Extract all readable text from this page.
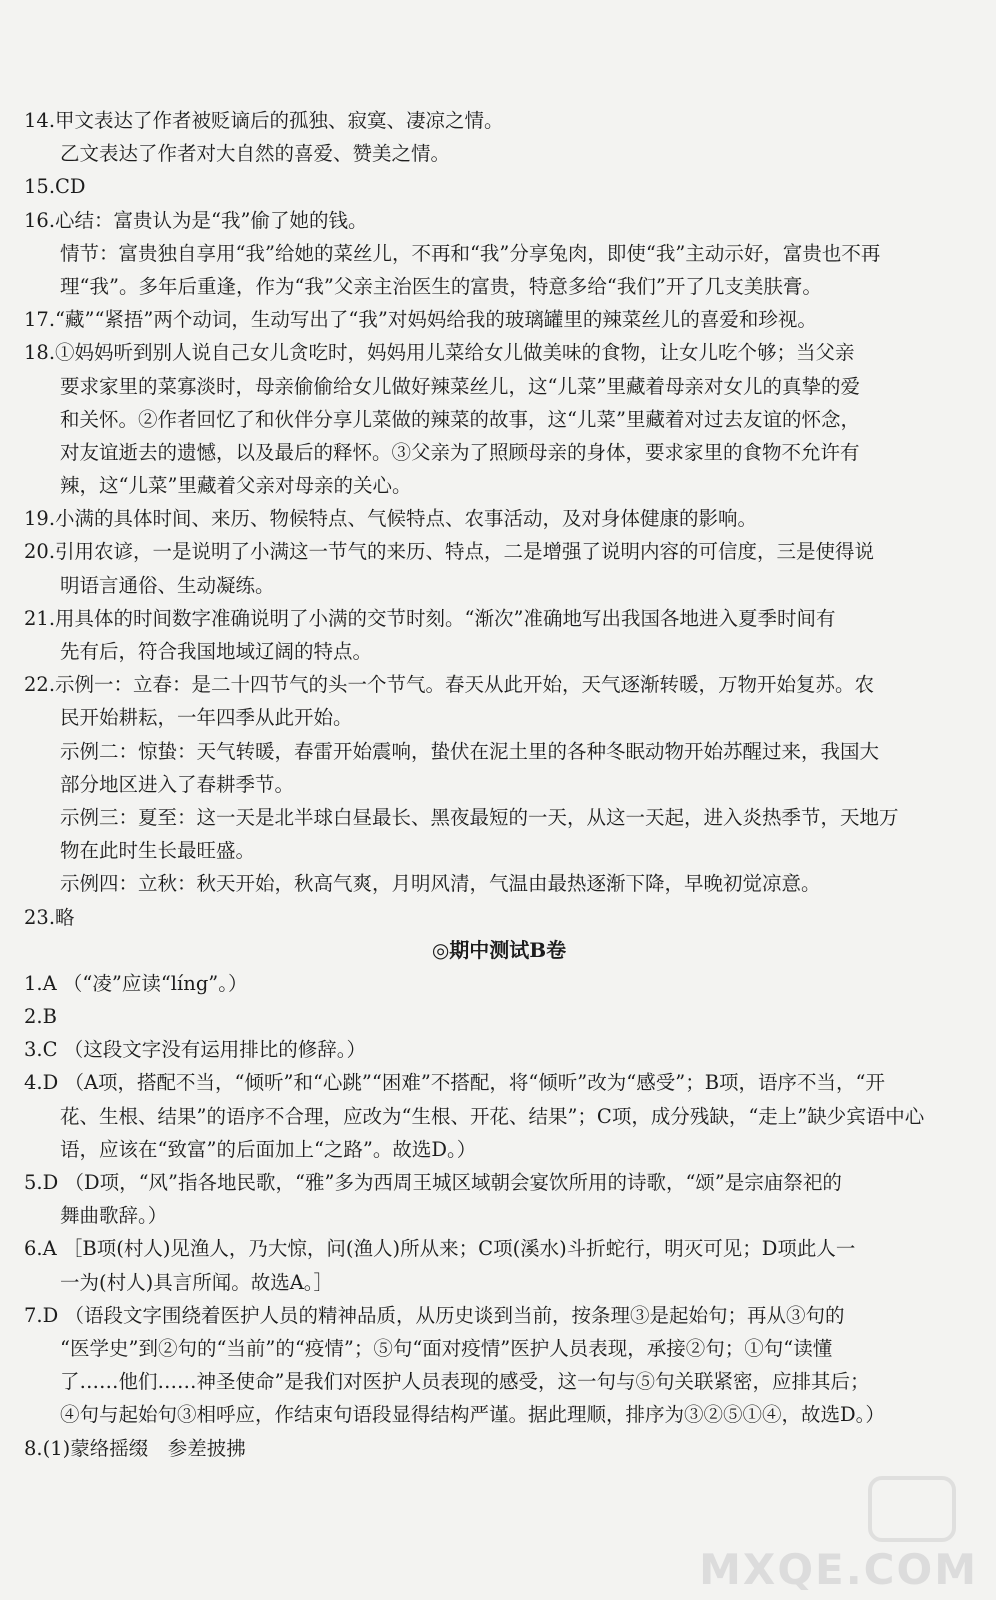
14.甲文表达了作者被贬谪后的孤独、寂寞、凄凉之情。
乙文表达了作者对大自然的喜爱、赞美之情。
15.CD
16.心结：富贵认为是“我”偷了她的钱。
情节：富贵独自享用“我”给她的菜丝儿，不再和“我”分享兔肉，即使“我”主动示好，富贵也不再
理“我”。多年后重逢，作为“我”父亲主治医生的富贵，特意多给“我们”开了几支美肤膏。
17.“藏”“紧捂”两个动词，生动写出了“我”对妈妈给我的玻璃罐里的辣菜丝儿的喜爱和珍视。
18.①妈妈听到别人说自己女儿贪吃时，妈妈用儿菜给女儿做美味的食物，让女儿吃个够；当父亲
要求家里的菜寡淡时，母亲偷偷给女儿做好辣菜丝儿，这“儿菜”里藏着母亲对女儿的真挚的爱
和关怀。②作者回忆了和伙伴分享儿菜做的辣菜的故事，这“儿菜”里藏着对过去友谊的怀念，
对友谊逝去的遗憾，以及最后的释怀。③父亲为了照顾母亲的身体，要求家里的食物不允许有
辣，这“儿菜”里藏着父亲对母亲的关心。
19.小满的具体时间、来历、物候特点、气候特点、农事活动，及对身体健康的影响。
20.引用农谚，一是说明了小满这一节气的来历、特点，二是增强了说明内容的可信度，三是使得说
明语言通俗、生动凝练。
21.用具体的时间数字准确说明了小满的交节时刻。“渐次”准确地写出我国各地进入夏季时间有
先有后，符合我国地域辽阔的特点。
22.示例一：立春：是二十四节气的头一个节气。春天从此开始，天气逐渐转暖，万物开始复苏。农
民开始耕耘，一年四季从此开始。
示例二：惊蛰：天气转暖，春雷开始震响，蛰伏在泥土里的各种冬眠动物开始苏醒过来，我国大
部分地区进入了春耕季节。
示例三：夏至：这一天是北半球白昼最长、黑夜最短的一天，从这一天起，进入炎热季节，天地万
物在此时生长最旺盛。
示例四：立秋：秋天开始，秋高气爽，月明风清，气温由最热逐渐下降，早晚初觉凉意。
23.略
◎期中测试B卷
1.A （“凌”应读“líng”。）
2.B
3.C （这段文字没有运用排比的修辞。）
4.D （A项，搭配不当，“倾听”和“心跳”“困难”不搭配，将“倾听”改为“感受”；B项，语序不当，“开
花、生根、结果”的语序不合理，应改为“生根、开花、结果”；C项，成分残缺，“走上”缺少宾语中心
语，应该在“致富”的后面加上“之路”。故选D。）
5.D （D项，“风”指各地民歌，“雅”多为西周王城区域朝会宴饮所用的诗歌，“颂”是宗庙祭祀的
舞曲歌辞。）
6.A ［B项(村人)见渔人，乃大惊，问(渔人)所从来；C项(溪水)斗折蛇行，明灭可见；D项此人一
一为(村人)具言所闻。故选A。］
7.D （语段文字围绕着医护人员的精神品质，从历史谈到当前，按条理③是起始句；再从③句的
“医学史”到②句的“当前”的“疫情”；⑤句“面对疫情”医护人员表现，承接②句；①句“读懂
了……他们……神圣使命”是我们对医护人员表现的感受，这一句与⑤句关联紧密，应排其后；
④句与起始句③相呼应，作结束句语段显得结构严谨。据此理顺，排序为③②⑤①④，故选D。）
8.(1)蒙络摇缀　参差披拂
MXQE.COM
